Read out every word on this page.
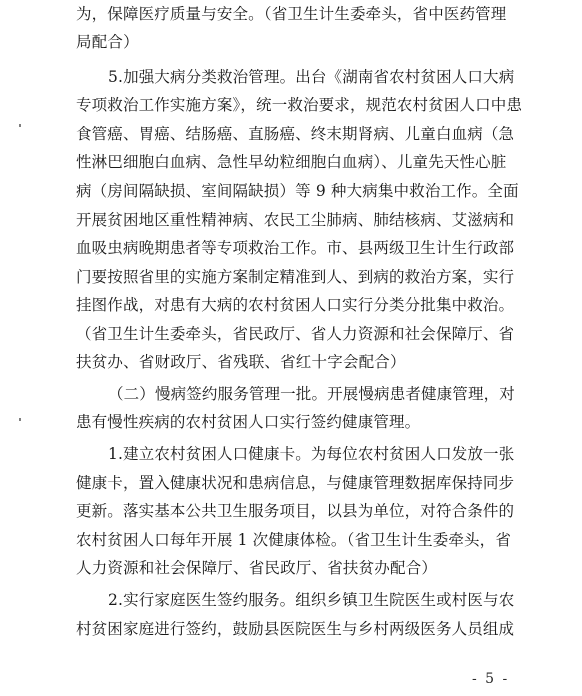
为，保障医疗质量与安全。（省卫生计生委牵头，省中医药管理
局配合）
5.加强大病分类救治管理。出台《湖南省农村贫困人口大病
专项救治工作实施方案》，统一救治要求，规范农村贫困人口中患
食管癌、胃癌、结肠癌、直肠癌、终末期肾病、儿童白血病（急
性淋巴细胞白血病、急性早幼粒细胞白血病）、儿童先天性心脏
病（房间隔缺损、室间隔缺损）等 9 种大病集中救治工作。全面
开展贫困地区重性精神病、农民工尘肺病、肺结核病、艾滋病和
血吸虫病晚期患者等专项救治工作。市、县两级卫生计生行政部
门要按照省里的实施方案制定精准到人、到病的救治方案，实行
挂图作战，对患有大病的农村贫困人口实行分类分批集中救治。
（省卫生计生委牵头，省民政厅、省人力资源和社会保障厅、省
扶贫办、省财政厅、省残联、省红十字会配合）
（二）慢病签约服务管理一批。开展慢病患者健康管理，对
患有慢性疾病的农村贫困人口实行签约健康管理。
1.建立农村贫困人口健康卡。为每位农村贫困人口发放一张
健康卡，置入健康状况和患病信息，与健康管理数据库保持同步
更新。落实基本公共卫生服务项目，以县为单位，对符合条件的
农村贫困人口每年开展 1 次健康体检。（省卫生计生委牵头，省
人力资源和社会保障厅、省民政厅、省扶贫办配合）
2.实行家庭医生签约服务。组织乡镇卫生院医生或村医与农
村贫困家庭进行签约，鼓励县医院医生与乡村两级医务人员组成
- 5 -
